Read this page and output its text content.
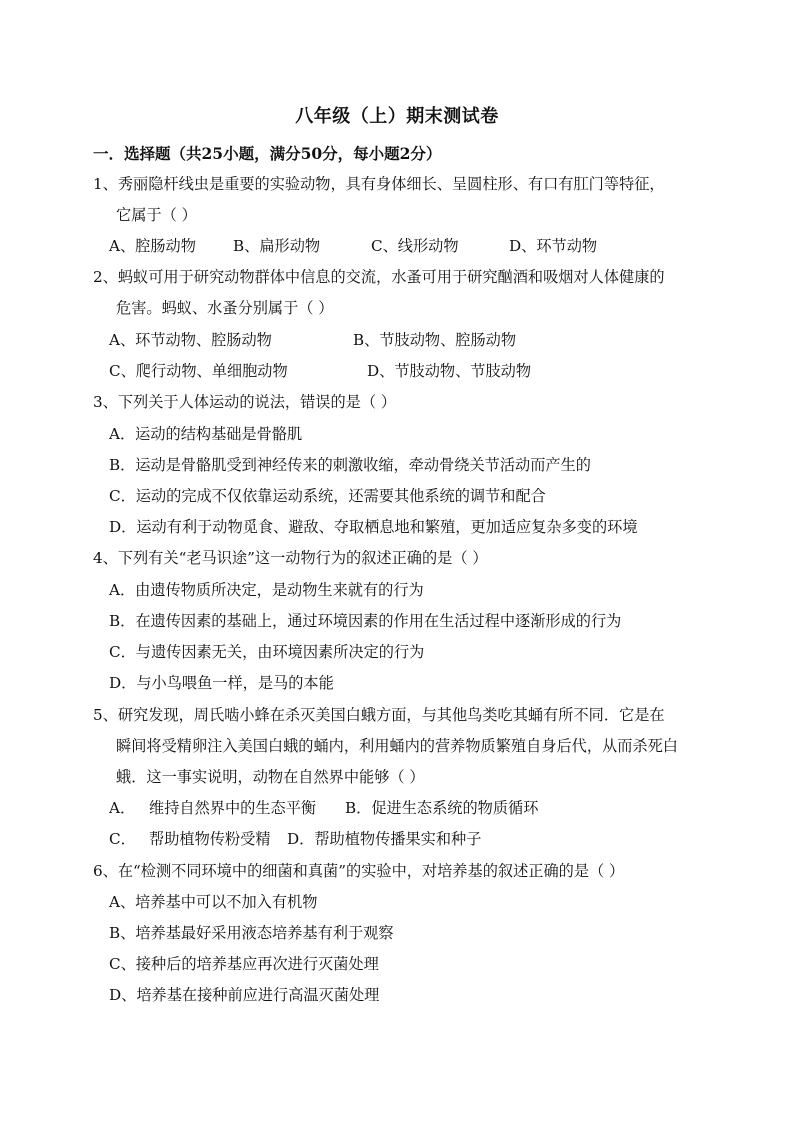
八年级（上）期末测试卷
一．选择题（共25小题，满分50分，每小题2分）
1、秀丽隐杆线虫是重要的实验动物，具有身体细长、呈圆柱形、有口有肛门等特征，
它属于（ ）
A、腔肠动物 B、扁形动物	C、线形动物	D、环节动物
2、蚂蚁可用于研究动物群体中信息的交流，水蚤可用于研究酗酒和吸烟对人体健康的
危害。蚂蚁、水蚤分别属于（ ）
A、环节动物、腔肠动物	B、节肢动物、腔肠动物
C、爬行动物、单细胞动物	D、节肢动物、节肢动物
3、下列关于人体运动的说法，错误的是（ ）
A．运动的结构基础是骨骼肌
B．运动是骨骼肌受到神经传来的刺激收缩，牵动骨绕关节活动而产生的
C．运动的完成不仅依靠运动系统，还需要其他系统的调节和配合
D．运动有利于动物觅食、避敌、夺取栖息地和繁殖，更加适应复杂多变的环境
4、下列有关“老马识途”这一动物行为的叙述正确的是（ ）
A．由遗传物质所决定，是动物生来就有的行为
B．在遗传因素的基础上，通过环境因素的作用在生活过程中逐渐形成的行为
C．与遗传因素无关，由环境因素所决定的行为
D．与小鸟喂鱼一样，是马的本能
5、研究发现，周氏啮小蜂在杀灭美国白蛾方面，与其他鸟类吃其蛹有所不同．它是在
瞬间将受精卵注入美国白蛾的蛹内，利用蛹内的营养物质繁殖自身后代，从而杀死白
蛾．这一事实说明，动物在自然界中能够（ ）
A． 维持自然界中的生态平衡 B．促进生态系统的物质循环
C． 帮助植物传粉受精 D．帮助植物传播果实和种子
6、在“检测不同环境中的细菌和真菌”的实验中，对培养基的叙述正确的是（ ）
A、培养基中可以不加入有机物
B、培养基最好采用液态培养基有利于观察
C、接种后的培养基应再次进行灭菌处理
D、培养基在接种前应进行高温灭菌处理
